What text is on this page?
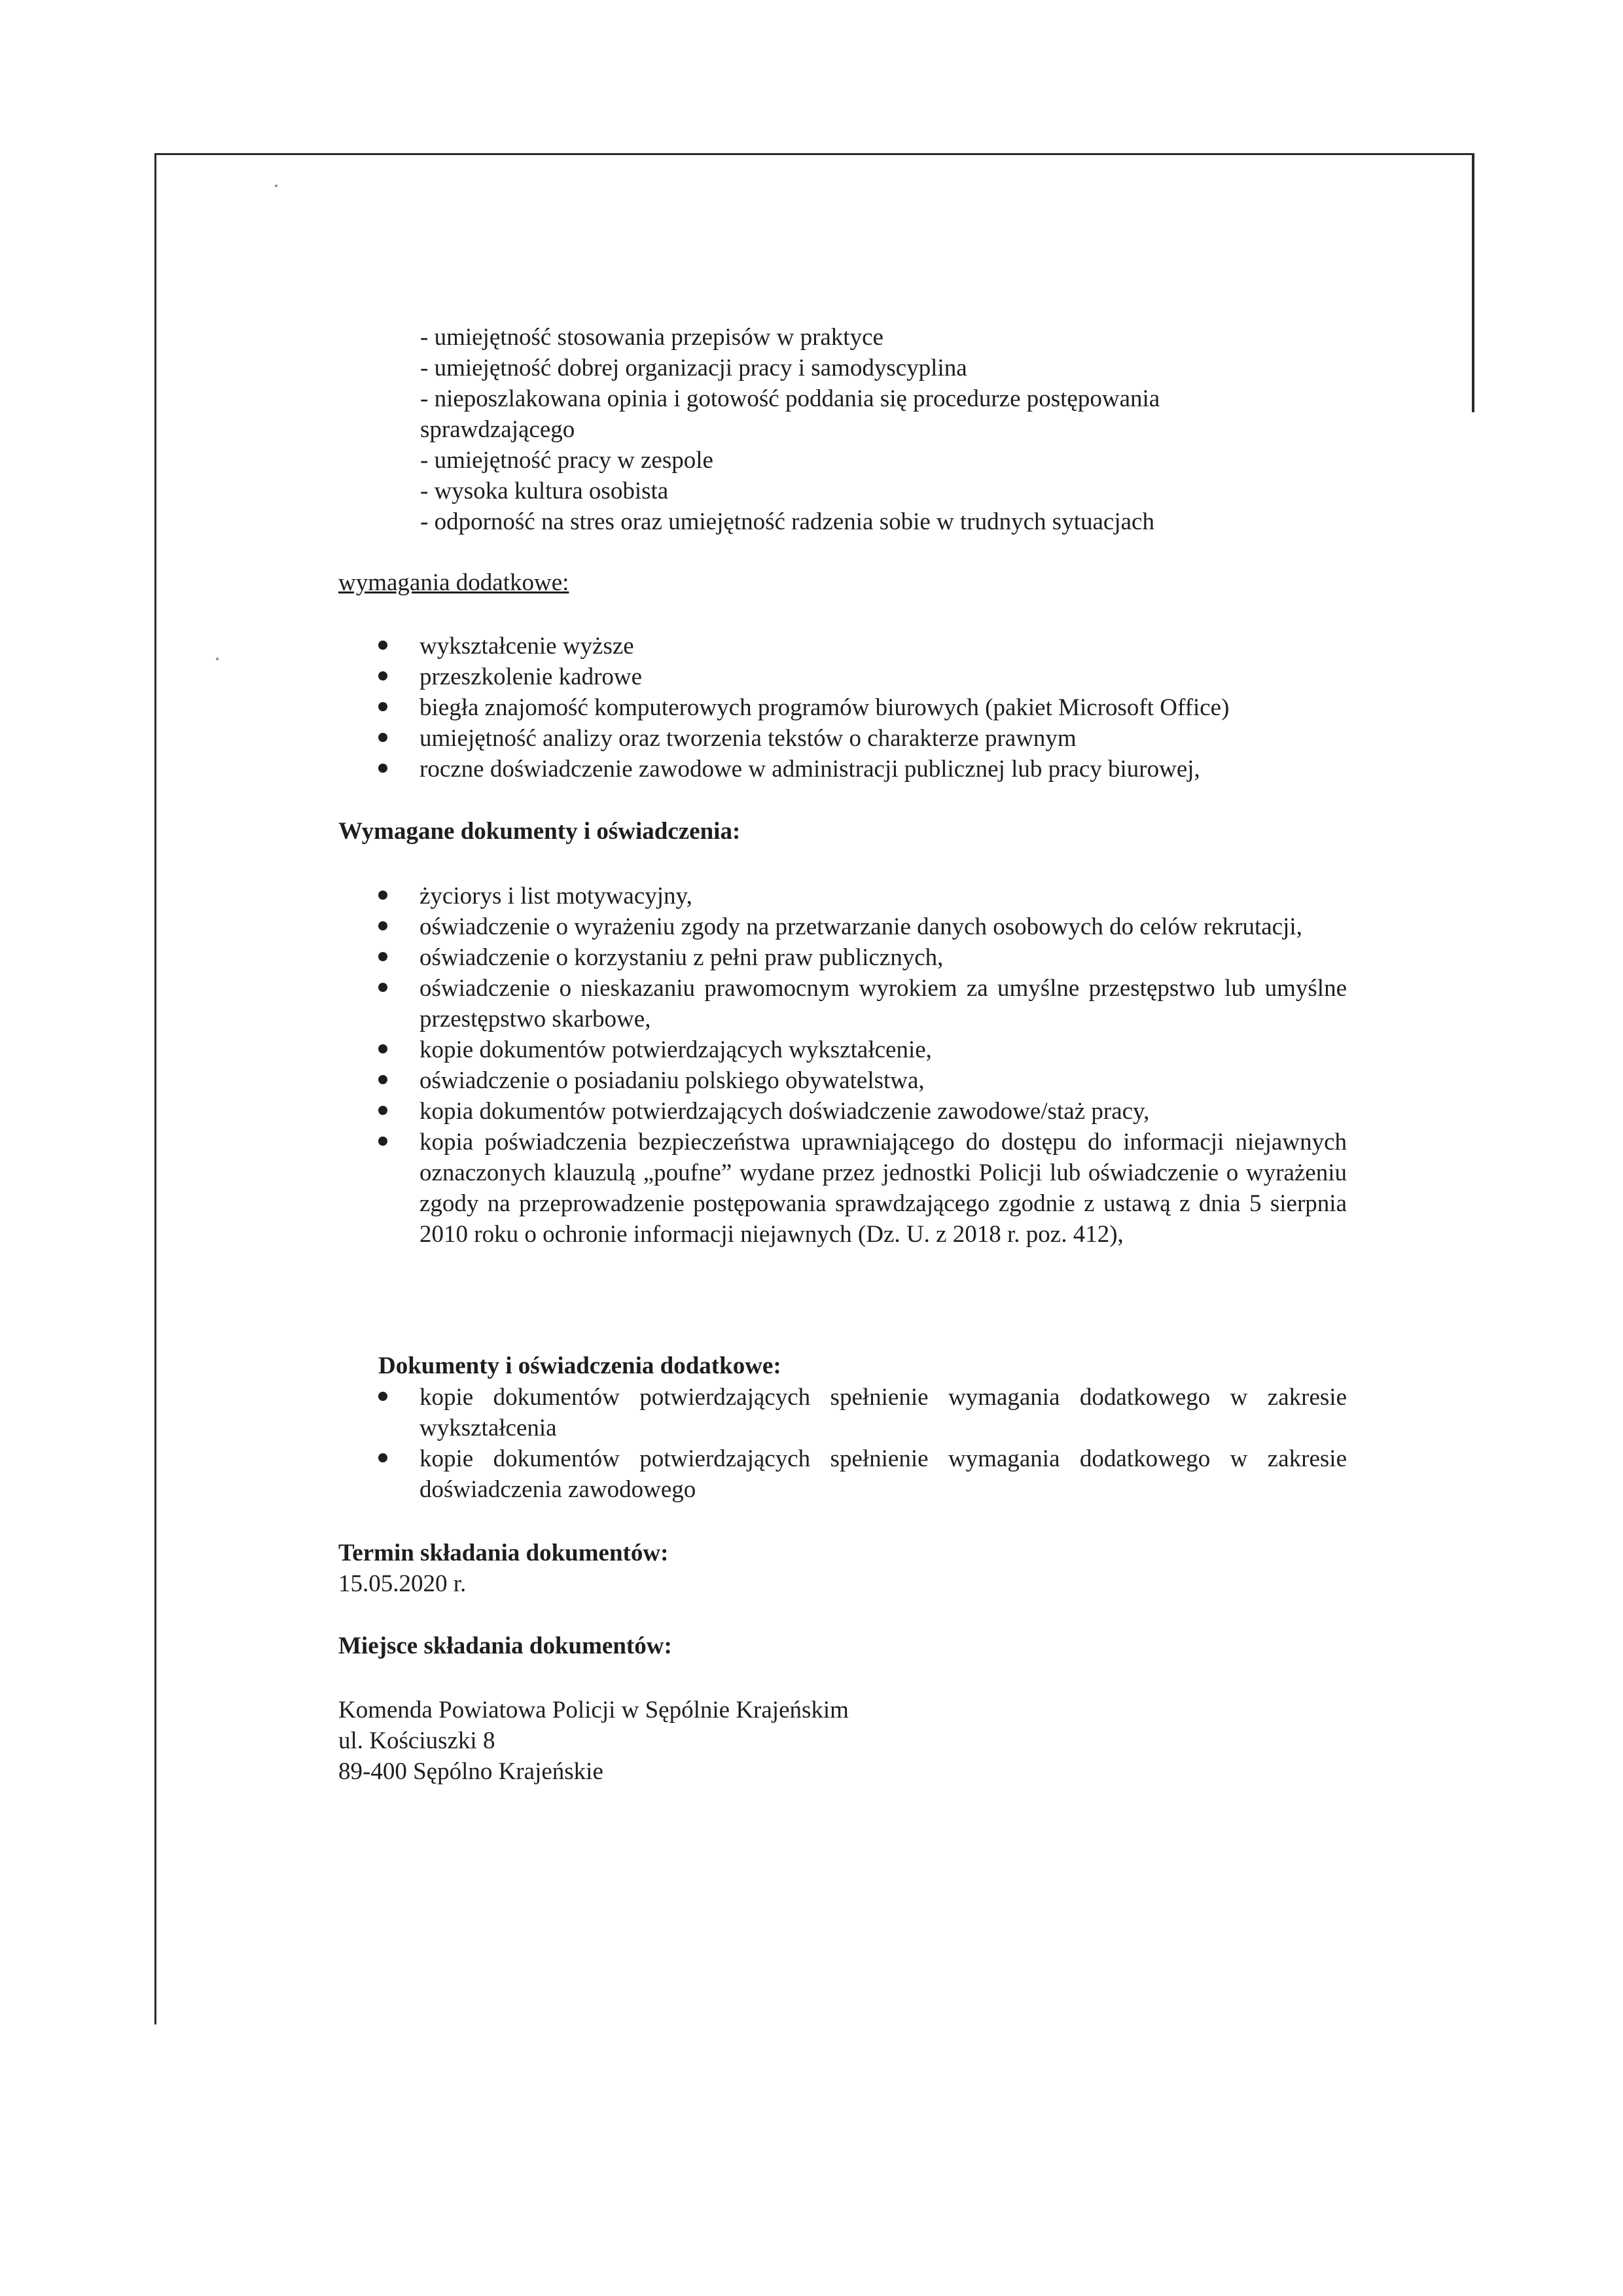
- umiejętność stosowania przepisów w praktyce

- umiejętność dobrej organizacji pracy i samodyscyplina

- nieposzlakowana opinia i gotowość poddania się procedurze postępowania sprawdzającego

- umiejętność pracy w zespole

- wysoka kultura osobista

- odporność na stres oraz umiejętność radzenia sobie w trudnych sytuacjach

wymagania dodatkowe:

wykształcenie wyższe
przeszkolenie kadrowe
biegła znajomość komputerowych programów biurowych (pakiet Microsoft Office)
umiejętność analizy oraz tworzenia tekstów o charakterze prawnym
roczne doświadczenie zawodowe w administracji publicznej lub pracy biurowej,

Wymagane dokumenty i oświadczenia:

życiorys i list motywacyjny,
oświadczenie o wyrażeniu zgody na przetwarzanie danych osobowych do celów rekrutacji,
oświadczenie o korzystaniu z pełni praw publicznych,
oświadczenie o nieskazaniu prawomocnym wyrokiem za umyślne przestępstwo lub umyślne przestępstwo skarbowe,
kopie dokumentów potwierdzających wykształcenie,
oświadczenie o posiadaniu polskiego obywatelstwa,
kopia dokumentów potwierdzających doświadczenie zawodowe/staż pracy,
kopia poświadczenia bezpieczeństwa uprawniającego do dostępu do informacji niejawnych oznaczonych klauzulą „poufne” wydane przez jednostki Policji lub oświadczenie o wyrażeniu zgody na przeprowadzenie postępowania sprawdzającego zgodnie z ustawą z dnia 5 sierpnia 2010 roku o ochronie informacji niejawnych (Dz. U. z 2018 r. poz. 412),

Dokumenty i oświadczenia dodatkowe:

kopie dokumentów potwierdzających spełnienie wymagania dodatkowego w zakresie wykształcenia
kopie dokumentów potwierdzających spełnienie wymagania dodatkowego w zakresie doświadczenia zawodowego

Termin składania dokumentów:

15.05.2020 r.

Miejsce składania dokumentów:

Komenda Powiatowa Policji w Sępólnie Krajeńskim

ul. Kościuszki 8

89-400 Sępólno Krajeńskie
